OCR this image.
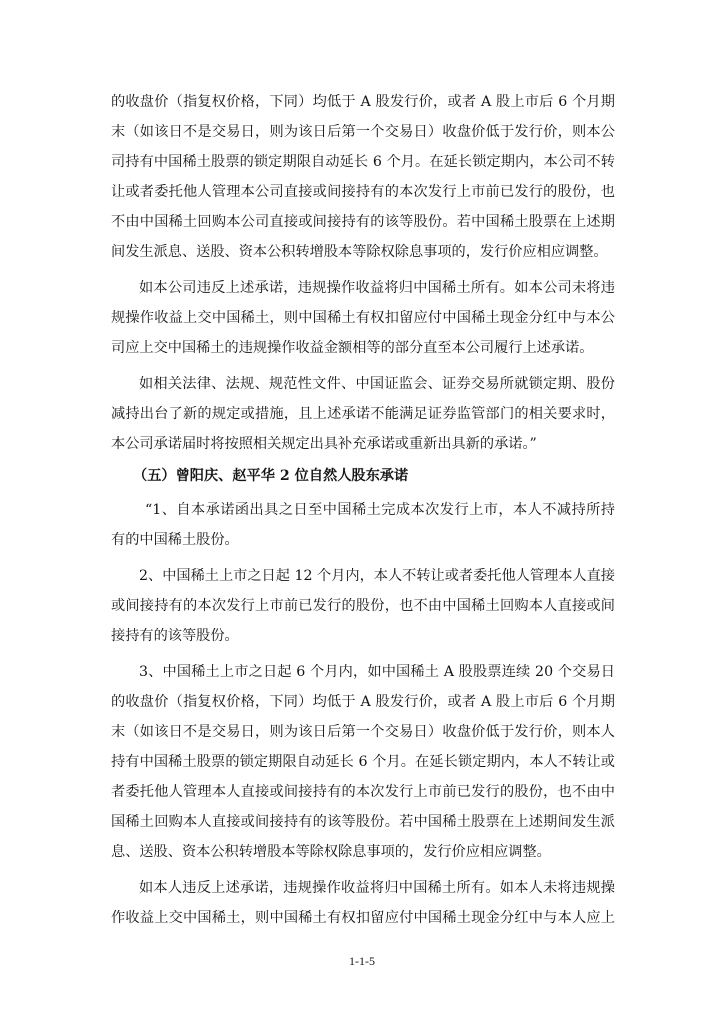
的收盘价（指复权价格，下同）均低于 A 股发行价，或者 A 股上市后 6 个月期
末（如该日不是交易日，则为该日后第一个交易日）收盘价低于发行价，则本公
司持有中国稀土股票的锁定期限自动延长 6 个月。在延长锁定期内，本公司不转
让或者委托他人管理本公司直接或间接持有的本次发行上市前已发行的股份，也
不由中国稀土回购本公司直接或间接持有的该等股份。若中国稀土股票在上述期
间发生派息、送股、资本公积转增股本等除权除息事项的，发行价应相应调整。
如本公司违反上述承诺，违规操作收益将归中国稀土所有。如本公司未将违
规操作收益上交中国稀土，则中国稀土有权扣留应付中国稀土现金分红中与本公
司应上交中国稀土的违规操作收益金额相等的部分直至本公司履行上述承诺。
如相关法律、法规、规范性文件、中国证监会、证券交易所就锁定期、股份
减持出台了新的规定或措施，且上述承诺不能满足证券监管部门的相关要求时，
本公司承诺届时将按照相关规定出具补充承诺或重新出具新的承诺。”
（五）曾阳庆、赵平华 2 位自然人股东承诺
“1、自本承诺函出具之日至中国稀土完成本次发行上市，本人不减持所持
有的中国稀土股份。
2、中国稀土上市之日起 12 个月内，本人不转让或者委托他人管理本人直接
或间接持有的本次发行上市前已发行的股份，也不由中国稀土回购本人直接或间
接持有的该等股份。
3、中国稀土上市之日起 6 个月内，如中国稀土 A 股股票连续 20 个交易日
的收盘价（指复权价格，下同）均低于 A 股发行价，或者 A 股上市后 6 个月期
末（如该日不是交易日，则为该日后第一个交易日）收盘价低于发行价，则本人
持有中国稀土股票的锁定期限自动延长 6 个月。在延长锁定期内，本人不转让或
者委托他人管理本人直接或间接持有的本次发行上市前已发行的股份，也不由中
国稀土回购本人直接或间接持有的该等股份。若中国稀土股票在上述期间发生派
息、送股、资本公积转增股本等除权除息事项的，发行价应相应调整。
1-1-5
如本人违反上述承诺，违规操作收益将归中国稀土所有。如本人未将违规操
作收益上交中国稀土，则中国稀土有权扣留应付中国稀土现金分红中与本人应上
